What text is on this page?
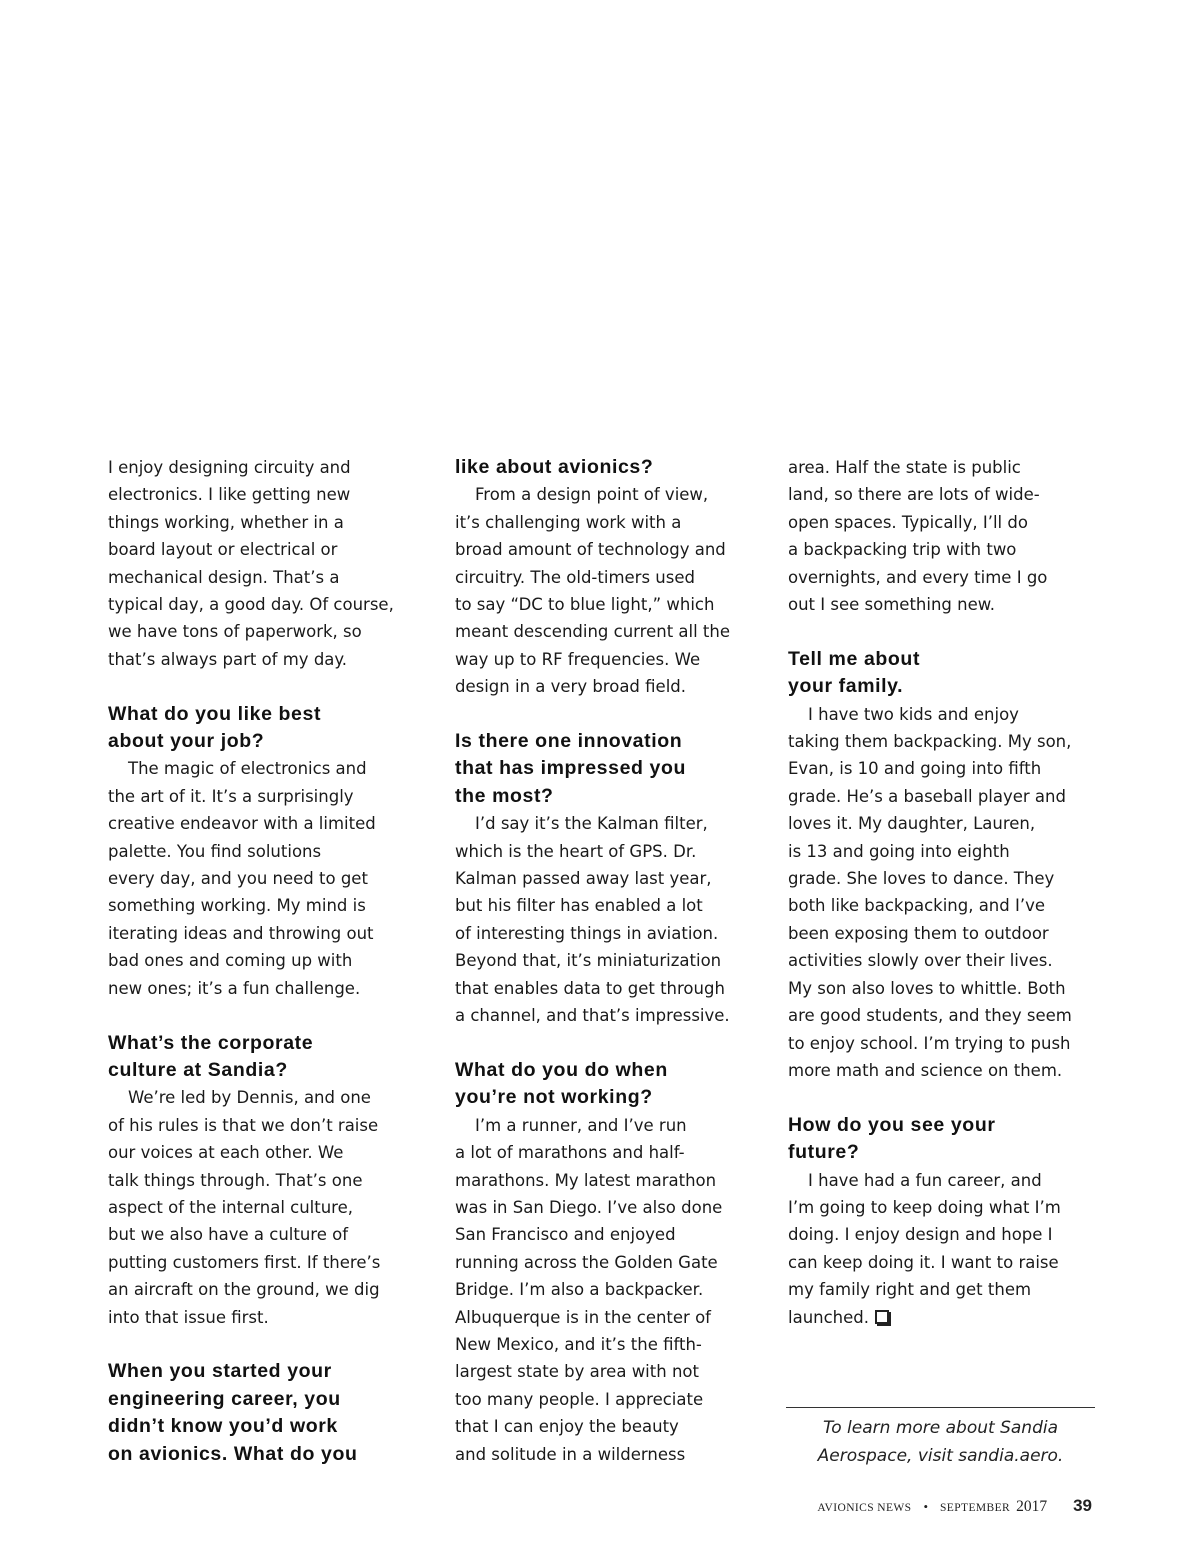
I enjoy designing circuity and
electronics. I like getting new
things working, whether in a
board layout or electrical or
mechanical design. That’s a
typical day, a good day. Of course,
we have tons of paperwork, so
that’s always part of my day.
What do you like best
about your job?
The magic of electronics and
the art of it. It’s a surprisingly
creative endeavor with a limited
palette. You find solutions
every day, and you need to get
something working. My mind is
iterating ideas and throwing out
bad ones and coming up with
new ones; it’s a fun challenge.
What’s the corporate
culture at Sandia?
We’re led by Dennis, and one
of his rules is that we don’t raise
our voices at each other. We
talk things through. That’s one
aspect of the internal culture,
but we also have a culture of
putting customers first. If there’s
an aircraft on the ground, we dig
into that issue first.
When you started your
engineering career, you
didn’t know you’d work
on avionics. What do you
like about avionics?
From a design point of view,
it’s challenging work with a
broad amount of technology and
circuitry. The old-timers used
to say “DC to blue light,” which
meant descending current all the
way up to RF frequencies. We
design in a very broad field.
Is there one innovation
that has impressed you
the most?
I’d say it’s the Kalman filter,
which is the heart of GPS. Dr.
Kalman passed away last year,
but his filter has enabled a lot
of interesting things in aviation.
Beyond that, it’s miniaturization
that enables data to get through
a channel, and that’s impressive.
What do you do when
you’re not working?
I’m a runner, and I’ve run
a lot of marathons and half-
marathons. My latest marathon
was in San Diego. I’ve also done
San Francisco and enjoyed
running across the Golden Gate
Bridge. I’m also a backpacker.
Albuquerque is in the center of
New Mexico, and it’s the fifth-
largest state by area with not
too many people. I appreciate
that I can enjoy the beauty
and solitude in a wilderness
area. Half the state is public
land, so there are lots of wide-
open spaces. Typically, I’ll do
a backpacking trip with two
overnights, and every time I go
out I see something new.
Tell me about
your family.
I have two kids and enjoy
taking them backpacking. My son,
Evan, is 10 and going into fifth
grade. He’s a baseball player and
loves it. My daughter, Lauren,
is 13 and going into eighth
grade. She loves to dance. They
both like backpacking, and I’ve
been exposing them to outdoor
activities slowly over their lives.
My son also loves to whittle. Both
are good students, and they seem
to enjoy school. I’m trying to push
more math and science on them.
How do you see your
future?
I have had a fun career, and
I’m going to keep doing what I’m
doing. I enjoy design and hope I
can keep doing it. I want to raise
my family right and get them
launched.
To learn more about Sandia
Aerospace, visit sandia.aero.
AVIONICS NEWS • SEPTEMBER 2017 39
